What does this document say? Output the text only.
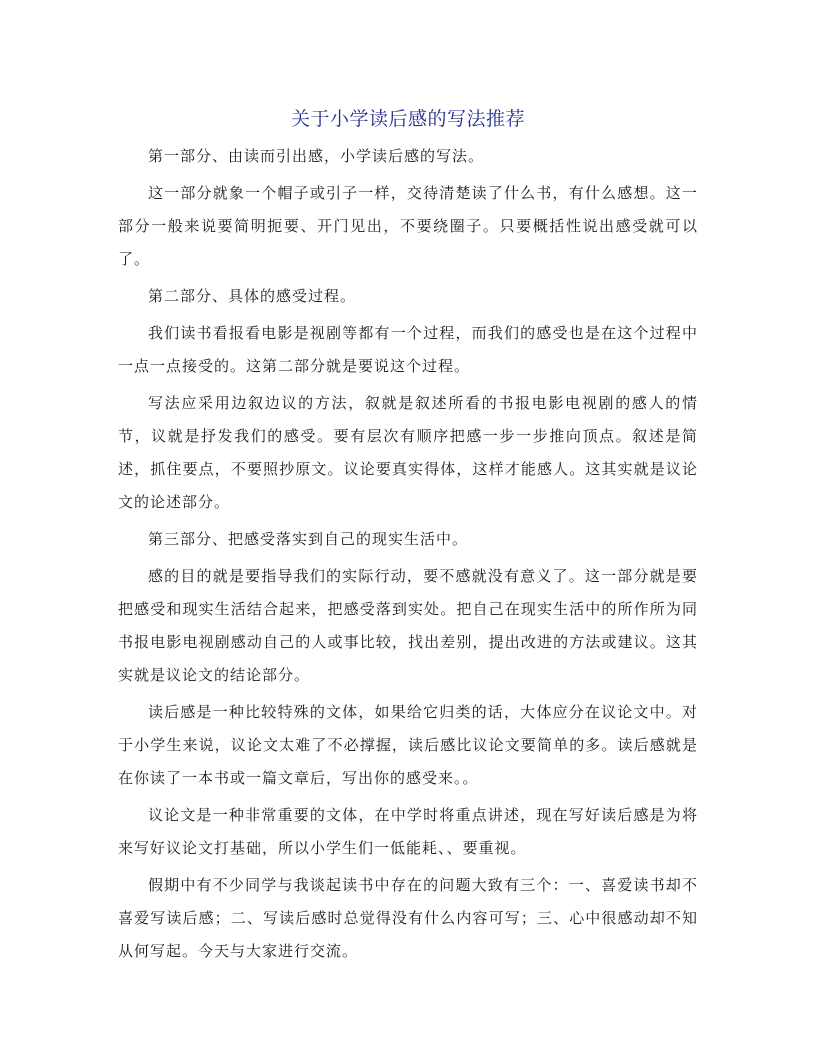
关于小学读后感的写法推荐

第一部分、由读而引出感，小学读后感的写法。

这一部分就象一个帽子或引子一样，交待清楚读了什么书，有什么感想。这一部分一般来说要简明扼要、开门见出，不要绕圈子。只要概括性说出感受就可以了。

第二部分、具体的感受过程。

我们读书看报看电影是视剧等都有一个过程，而我们的感受也是在这个过程中一点一点接受的。这第二部分就是要说这个过程。

写法应采用边叙边议的方法，叙就是叙述所看的书报电影电视剧的感人的情节，议就是抒发我们的感受。要有层次有顺序把感一步一步推向顶点。叙述是简述，抓住要点，不要照抄原文。议论要真实得体，这样才能感人。这其实就是议论文的论述部分。

第三部分、把感受落实到自己的现实生活中。

感的目的就是要指导我们的实际行动，要不感就没有意义了。这一部分就是要把感受和现实生活结合起来，把感受落到实处。把自己在现实生活中的所作所为同书报电影电视剧感动自己的人或事比较，找出差别，提出改进的方法或建议。这其实就是议论文的结论部分。

读后感是一种比较特殊的文体，如果给它归类的话，大体应分在议论文中。对于小学生来说，议论文太难了不必撑握，读后感比议论文要简单的多。读后感就是在你读了一本书或一篇文章后，写出你的感受来。。

议论文是一种非常重要的文体，在中学时将重点讲述，现在写好读后感是为将来写好议论文打基础，所以小学生们一低能耗、、要重视。

假期中有不少同学与我谈起读书中存在的问题大致有三个：一、喜爱读书却不喜爱写读后感；二、写读后感时总觉得没有什么内容可写；三、心中很感动却不知从何写起。今天与大家进行交流。
